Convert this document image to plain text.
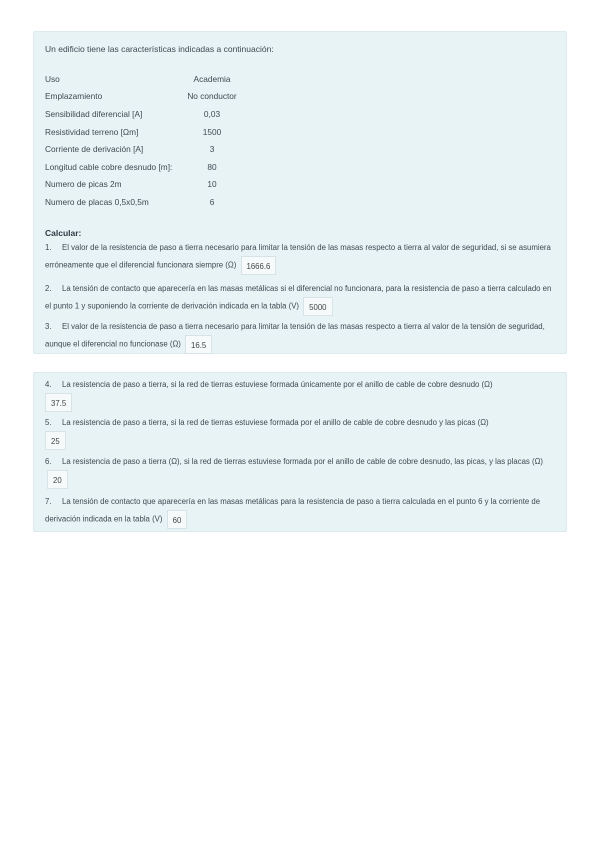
Un edificio tiene las características indicadas a continuación:
Uso	Academia
Emplazamiento	No conductor
Sensibilidad diferencial [A]	0,03
Resistividad terreno [Ωm]	1500
Corriente de derivación [A]	3
Longitud cable cobre desnudo [m]:	80
Numero de picas 2m	10
Numero de placas 0,5x0,5m	6
Calcular:
1. El valor de la resistencia de paso a tierra necesario para limitar la tensión de las masas respecto a tierra al valor de seguridad, si se asumiera erróneamente que el diferencial funcionara siempre (Ω) 1666.6
2. La tensión de contacto que aparecería en las masas metálicas si el diferencial no funcionara, para la resistencia de paso a tierra calculado en el punto 1 y suponiendo la corriente de derivación indicada en la tabla (V) 5000
3. El valor de la resistencia de paso a tierra necesario para limitar la tensión de las masas respecto a tierra al valor de la tensión de seguridad, aunque el diferencial no funcionase (Ω) 16.5
4. La resistencia de paso a tierra, si la red de tierras estuviese formada únicamente por el anillo de cable de cobre desnudo (Ω)
37.5
5. La resistencia de paso a tierra, si la red de tierras estuviese formada por el anillo de cable de cobre desnudo y las picas (Ω)
25
6. La resistencia de paso a tierra (Ω), si la red de tierras estuviese formada por el anillo de cable de cobre desnudo, las picas, y las placas (Ω) 20
7. La tensión de contacto que aparecería en las masas metálicas para la resistencia de paso a tierra calculada en el punto 6 y la corriente de derivación indicada en la tabla (V) 60
